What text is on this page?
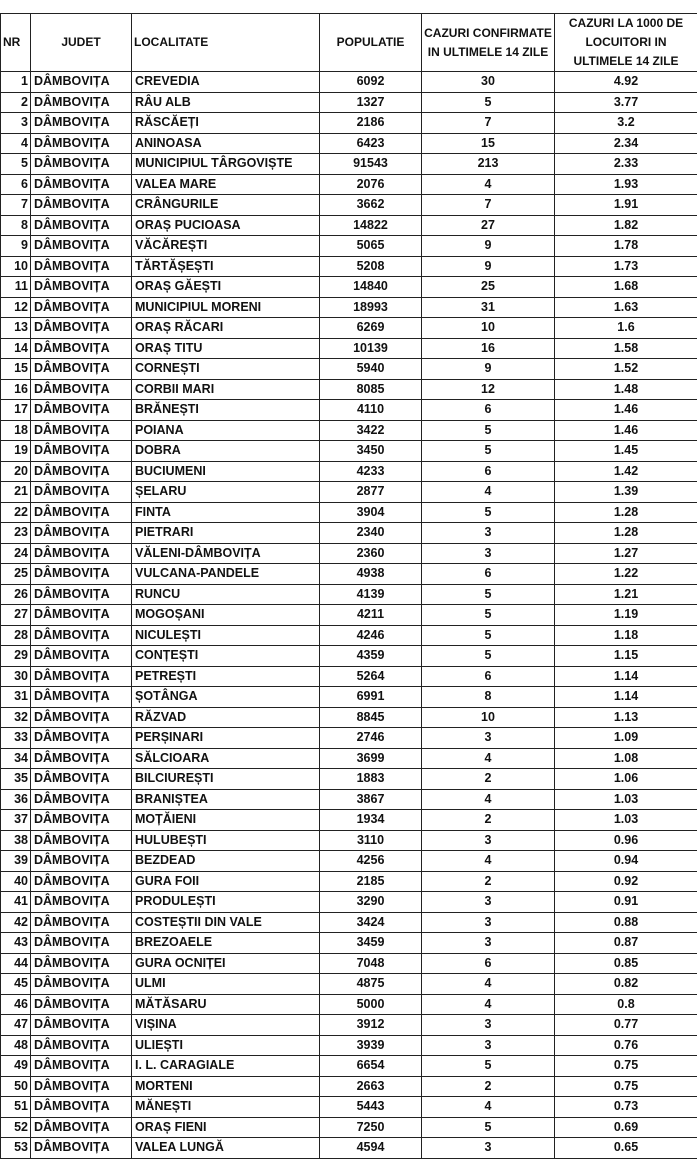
NR	JUDET	LOCALITATE	POPULATIE	CAZURI CONFIRMATE IN ULTIMELE 14 ZILE	CAZURI LA 1000 DE LOCUITORI IN ULTIMELE 14 ZILE
1	DÂMBOVIȚA	CREVEDIA	6092	30	4.92
2	DÂMBOVIȚA	RÂU ALB	1327	5	3.77
3	DÂMBOVIȚA	RĂSCĂEȚI	2186	7	3.2
4	DÂMBOVIȚA	ANINOASA	6423	15	2.34
5	DÂMBOVIȚA	MUNICIPIUL TÂRGOVIȘTE	91543	213	2.33
6	DÂMBOVIȚA	VALEA MARE	2076	4	1.93
7	DÂMBOVIȚA	CRÂNGURILE	3662	7	1.91
8	DÂMBOVIȚA	ORAȘ PUCIOASA	14822	27	1.82
9	DÂMBOVIȚA	VĂCĂREȘTI	5065	9	1.78
10	DÂMBOVIȚA	TĂRTĂȘEȘTI	5208	9	1.73
11	DÂMBOVIȚA	ORAȘ GĂEȘTI	14840	25	1.68
12	DÂMBOVIȚA	MUNICIPIUL MORENI	18993	31	1.63
13	DÂMBOVIȚA	ORAȘ RĂCARI	6269	10	1.6
14	DÂMBOVIȚA	ORAȘ TITU	10139	16	1.58
15	DÂMBOVIȚA	CORNEȘTI	5940	9	1.52
16	DÂMBOVIȚA	CORBII MARI	8085	12	1.48
17	DÂMBOVIȚA	BRĂNEȘTI	4110	6	1.46
18	DÂMBOVIȚA	POIANA	3422	5	1.46
19	DÂMBOVIȚA	DOBRA	3450	5	1.45
20	DÂMBOVIȚA	BUCIUMENI	4233	6	1.42
21	DÂMBOVIȚA	ȘELARU	2877	4	1.39
22	DÂMBOVIȚA	FINTA	3904	5	1.28
23	DÂMBOVIȚA	PIETRARI	2340	3	1.28
24	DÂMBOVIȚA	VĂLENI-DÂMBOVIȚA	2360	3	1.27
25	DÂMBOVIȚA	VULCANA-PANDELE	4938	6	1.22
26	DÂMBOVIȚA	RUNCU	4139	5	1.21
27	DÂMBOVIȚA	MOGOȘANI	4211	5	1.19
28	DÂMBOVIȚA	NICULEȘTI	4246	5	1.18
29	DÂMBOVIȚA	CONȚEȘTI	4359	5	1.15
30	DÂMBOVIȚA	PETREȘTI	5264	6	1.14
31	DÂMBOVIȚA	ȘOTÂNGA	6991	8	1.14
32	DÂMBOVIȚA	RĂZVAD	8845	10	1.13
33	DÂMBOVIȚA	PERȘINARI	2746	3	1.09
34	DÂMBOVIȚA	SĂLCIOARA	3699	4	1.08
35	DÂMBOVIȚA	BILCIUREȘTI	1883	2	1.06
36	DÂMBOVIȚA	BRANIȘTEA	3867	4	1.03
37	DÂMBOVIȚA	MOȚĂIENI	1934	2	1.03
38	DÂMBOVIȚA	HULUBEȘTI	3110	3	0.96
39	DÂMBOVIȚA	BEZDEAD	4256	4	0.94
40	DÂMBOVIȚA	GURA FOII	2185	2	0.92
41	DÂMBOVIȚA	PRODULEȘTI	3290	3	0.91
42	DÂMBOVIȚA	COSTEȘTII DIN VALE	3424	3	0.88
43	DÂMBOVIȚA	BREZOAELE	3459	3	0.87
44	DÂMBOVIȚA	GURA OCNIȚEI	7048	6	0.85
45	DÂMBOVIȚA	ULMI	4875	4	0.82
46	DÂMBOVIȚA	MĂTĂSARU	5000	4	0.8
47	DÂMBOVIȚA	VIȘINA	3912	3	0.77
48	DÂMBOVIȚA	ULIEȘTI	3939	3	0.76
49	DÂMBOVIȚA	I. L. CARAGIALE	6654	5	0.75
50	DÂMBOVIȚA	MORTENI	2663	2	0.75
51	DÂMBOVIȚA	MĂNEȘTI	5443	4	0.73
52	DÂMBOVIȚA	ORAȘ FIENI	7250	5	0.69
53	DÂMBOVIȚA	VALEA LUNGĂ	4594	3	0.65
